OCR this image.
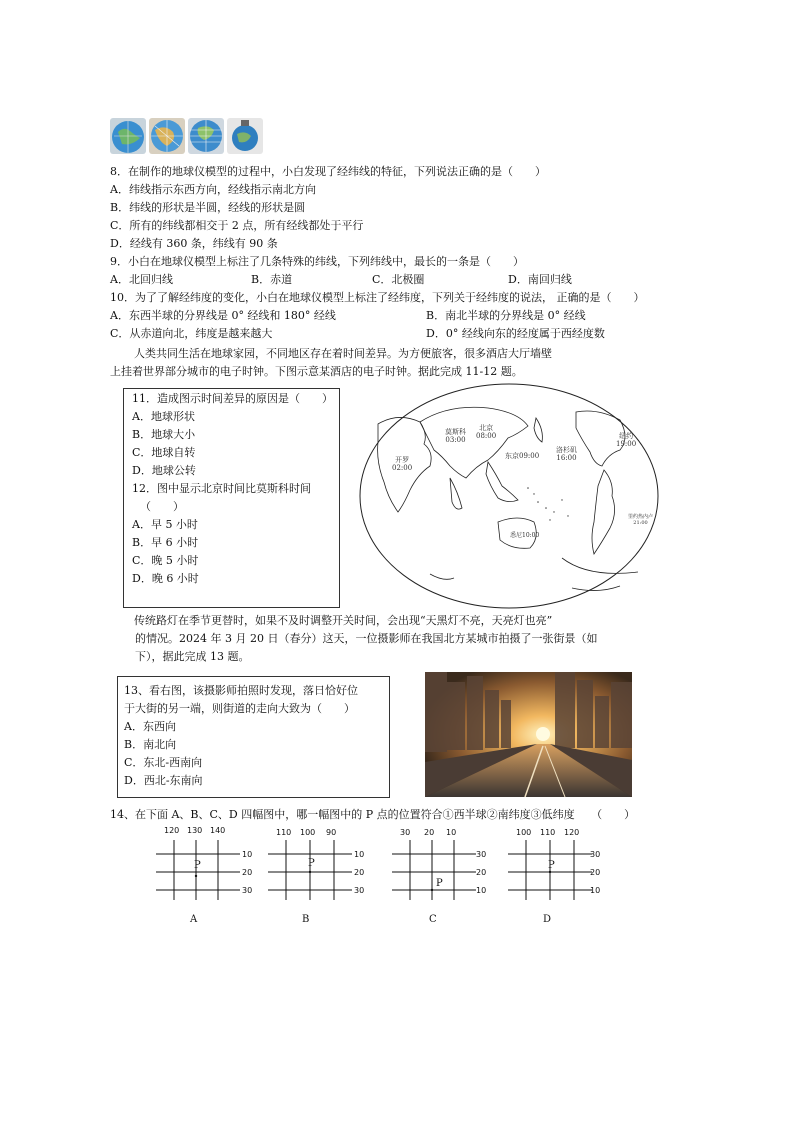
8．在制作的地球仪模型的过程中，小白发现了经纬线的特征，下列说法正确的是（　　）
A．纬线指示东西方向，经线指示南北方向
B．纬线的形状是半圆，经线的形状是圆
C．所有的纬线都相交于 2 点，所有经线都处于平行
D．经线有 360 条，纬线有 90 条
9．小白在地球仪模型上标注了几条特殊的纬线，下列纬线中，最长的一条是（　　）
A．北回归线	B．赤道	C．北极圈	D．南回归线
10．为了了解经纬度的变化，小白在地球仪模型上标注了经纬度，下列关于经纬度的说法， 正确的是（　　）
A．东西半球的分界线是 0° 经线和 180° 经线	B．南北半球的分界线是 0° 经线
C．从赤道向北，纬度是越来越大	D．0° 经线向东的经度属于西经度数
人类共同生活在地球家园，不同地区存在着时间差异。为方便旅客，很多酒店大厅墙壁
上挂着世界部分城市的电子时钟。下图示意某酒店的电子时钟。据此完成 11-12 题。
11．造成图示时间差异的原因是（　　）
A．地球形状
B．地球大小
C．地球自转
D．地球公转
12．图中显示北京时间比莫斯科时间
（　　）
A．早 5 小时
B．早 6 小时
C．晚 5 小时
D．晚 6 小时
莫斯科
03:00
北京
08:00
东京09:00
开罗
02:00
洛杉矶
16:00
纽约
19:00
悉尼10:00
里约热内卢
21:00
传统路灯在季节更替时，如果不及时调整开关时间，会出现“天黑灯不亮，天亮灯也亮”
的情况。2024 年 3 月 20 日（春分）这天，一位摄影师在我国北方某城市拍摄了一张街景（如
下），据此完成 13 题。
13、看右图，该摄影师拍照时发现，落日恰好位
于大街的另一端，则街道的走向大致为（　　）
A．东西向
B．南北向
C．东北-西南向
D．西北-东南向
14、在下面 A、B、C、D 四幅图中，哪一幅图中的 P 点的位置符合①西半球②南纬度③低纬度　　（　　）
120 130 140
P
10
20
30
A
110 100 90
P
10
20
30
B
30 20 10
P
30
20
10
C
100 110 120
P
30
20
10
D
